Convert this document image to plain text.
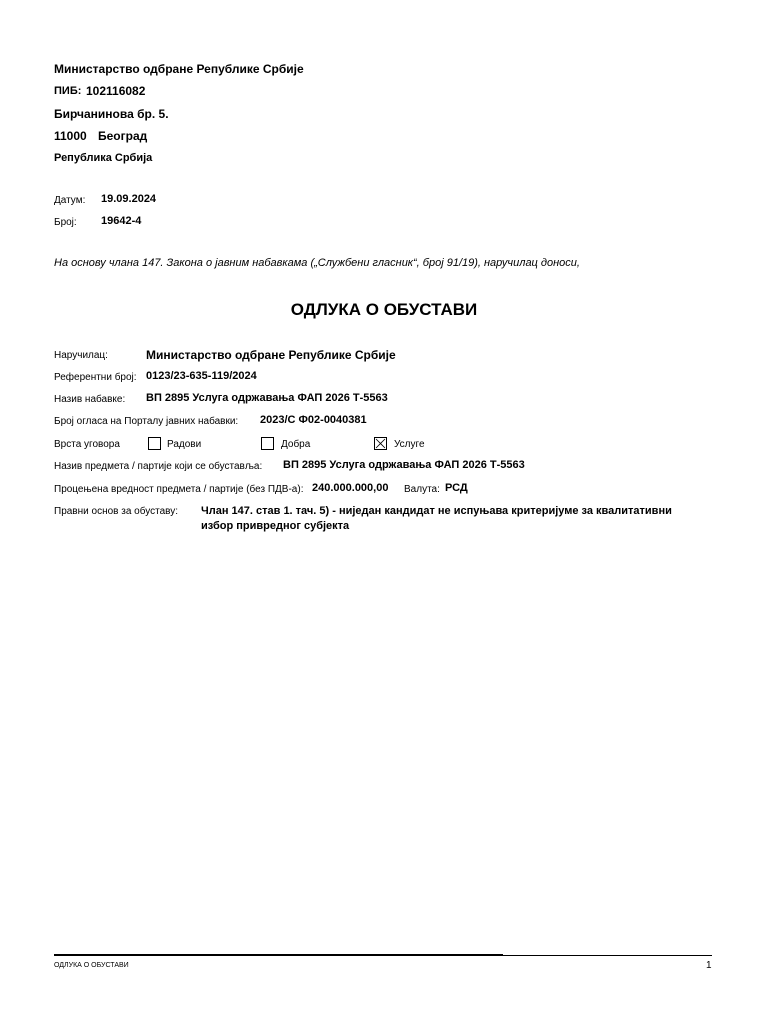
Министарство одбране Републике Србије
ПИБ: 102116082
Бирчанинова бр. 5.
11000 Београд
Република Србија
Датум: 19.09.2024
Број: 19642-4
На основу члана 147. Закона о јавним набавкама („Службени гласник“, број 91/19), наручилац доноси,
ОДЛУКА О ОБУСТАВИ
Наручилац:	Министарство одбране Републике Србије
Референтни број: 0123/23-635-119/2024
Назив набавке: ВП 2895 Услуга одржавања ФАП 2026 Т-5563
Број огласа на Порталу јавних набавки: 2023/С Ф02-0040381
Врста уговора	Радови	Добра	Услуге
Назив предмета / партије који се обуставља: ВП 2895 Услуга одржавања ФАП 2026 Т-5563
Процењена вредност предмета / партије (без ПДВ-а): 240.000.000,00 Валута: РСД
Правни основ за обуставу: Члан 147. став 1. тач. 5) - ниједан кандидат не испуњава критеријуме за квалитативни избор привредног субјекта
ОДЛУКА О ОБУСТАВИ	1
